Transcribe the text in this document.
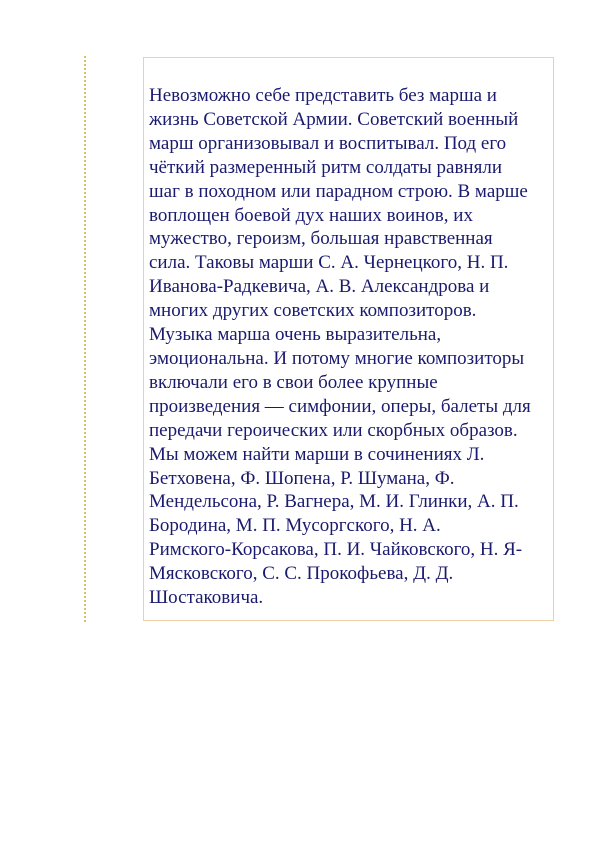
Невозможно себе представить без марша и
жизнь Советской Армии. Советский военный
марш организовывал и воспитывал. Под его
чёткий размеренный ритм солдаты равняли
шаг в походном или парадном строю. В марше
воплощен боевой дух наших воинов, их
мужество, героизм, большая нравственная
сила. Таковы марши С. А. Чернецкого, Н. П.
Иванова-Радкевича, А. В. Александрова и
многих других советских композиторов.
Музыка марша очень выразительна,
эмоциональна. И потому многие композиторы
включали его в свои более крупные
произведения — симфонии, оперы, балеты для
передачи героических или скорбных образов.
Мы можем найти марши в сочинениях Л.
Бетховена, Ф. Шопена, Р. Шумана, Ф.
Мендельсона, Р. Вагнера, М. И. Глинки, А. П.
Бородина, М. П. Мусоргского, Н. А.
Римского-Корсакова, П. И. Чайковского, Н. Я-
Мясковского, С. С. Прокофьева, Д. Д.
Шостаковича.
